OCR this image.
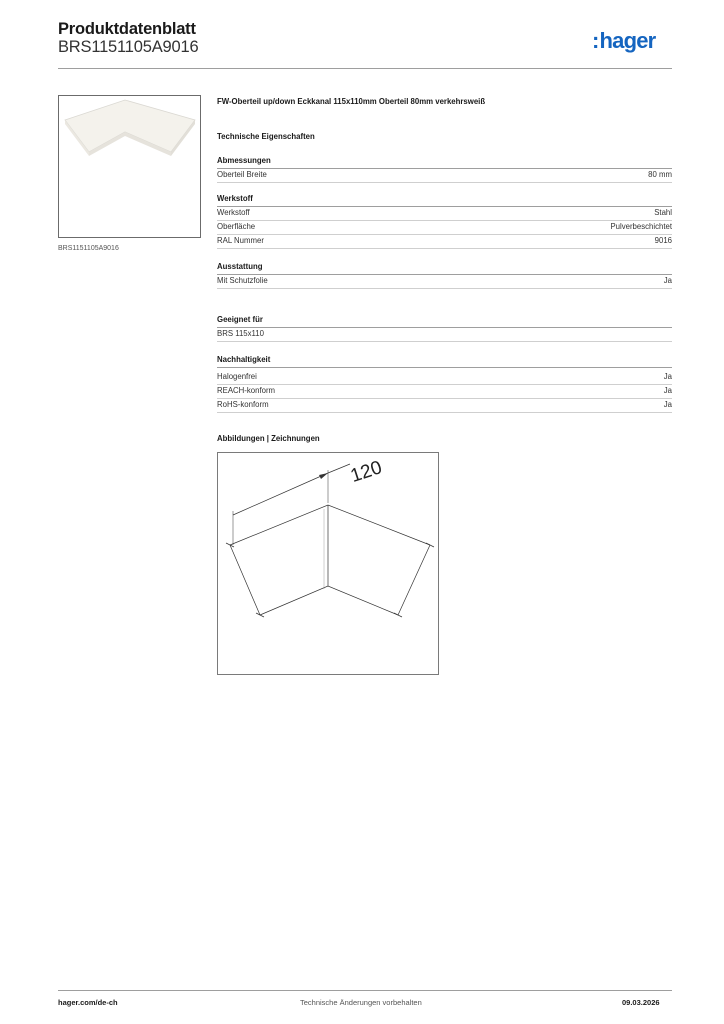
Produktdatenblatt
BRS1151105A9016	:hager
BRS1151105A9016
FW-Oberteil up/down Eckkanal 115x110mm Oberteil 80mm verkehrsweiß
Technische Eigenschaften
Abmessungen
Oberteil Breite	80 mm
Werkstoff
Werkstoff	Stahl
Oberfläche	Pulverbeschichtet
RAL Nummer	9016
Ausstattung
Mit Schutzfolie	Ja
Geeignet für
BRS 115x110
Nachhaltigkeit
Halogenfrei	Ja
REACH-konform	Ja
RoHS-konform	Ja
Abbildungen | Zeichnungen
120
hager.com/de-ch	Technische Änderungen vorbehalten	09.03.2026
